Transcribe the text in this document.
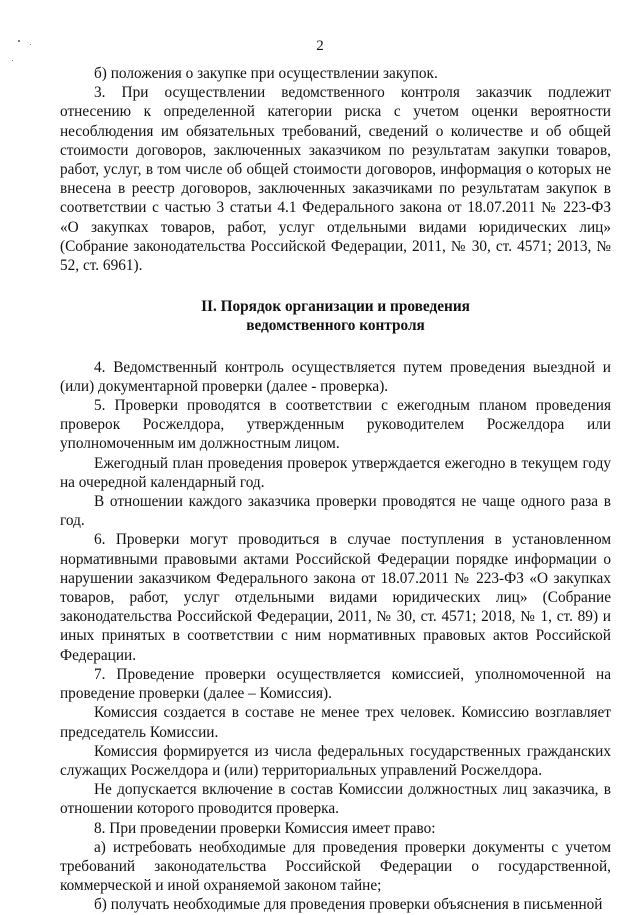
2

б) положения о закупке при осуществлении закупок.

3. При осуществлении ведомственного контроля заказчик подлежит отнесению к определенной категории риска с учетом оценки вероятности несоблюдения им обязательных требований, сведений о количестве и об общей стоимости договоров, заключенных заказчиком по результатам закупки товаров, работ, услуг, в том числе об общей стоимости договоров, информация о которых не внесена в реестр договоров, заключенных заказчиками по результатам закупок в соответствии с частью 3 статьи 4.1 Федерального закона от 18.07.2011 № 223-ФЗ «О закупках товаров, работ, услуг отдельными видами юридических лиц» (Собрание законодательства Российской Федерации, 2011, № 30, ст. 4571; 2013, № 52, ст. 6961).

II. Порядок организации и проведения
ведомственного контроля

4. Ведомственный контроль осуществляется путем проведения выездной и (или) документарной проверки (далее - проверка).

5. Проверки проводятся в соответствии с ежегодным планом проведения проверок Росжелдора, утвержденным руководителем Росжелдора или уполномоченным им должностным лицом.

Ежегодный план проведения проверок утверждается ежегодно в текущем году на очередной календарный год.

В отношении каждого заказчика проверки проводятся не чаще одного раза в год.

6. Проверки могут проводиться в случае поступления в установленном нормативными правовыми актами Российской Федерации порядке информации о нарушении заказчиком Федерального закона от 18.07.2011 № 223-ФЗ «О закупках товаров, работ, услуг отдельными видами юридических лиц» (Собрание законодательства Российской Федерации, 2011, № 30, ст. 4571; 2018, № 1, ст. 89) и иных принятых в соответствии с ним нормативных правовых актов Российской Федерации.

7. Проведение проверки осуществляется комиссией, уполномоченной на проведение проверки (далее – Комиссия).

Комиссия создается в составе не менее трех человек. Комиссию возглавляет председатель Комиссии.

Комиссия формируется из числа федеральных государственных гражданских служащих Росжелдора и (или) территориальных управлений Росжелдора.

Не допускается включение в состав Комиссии должностных лиц заказчика, в отношении которого проводится проверка.

8. При проведении проверки Комиссия имеет право:

а) истребовать необходимые для проведения проверки документы с учетом требований законодательства Российской Федерации о государственной, коммерческой и иной охраняемой законом тайне;

б) получать необходимые для проведения проверки объяснения в письменной
